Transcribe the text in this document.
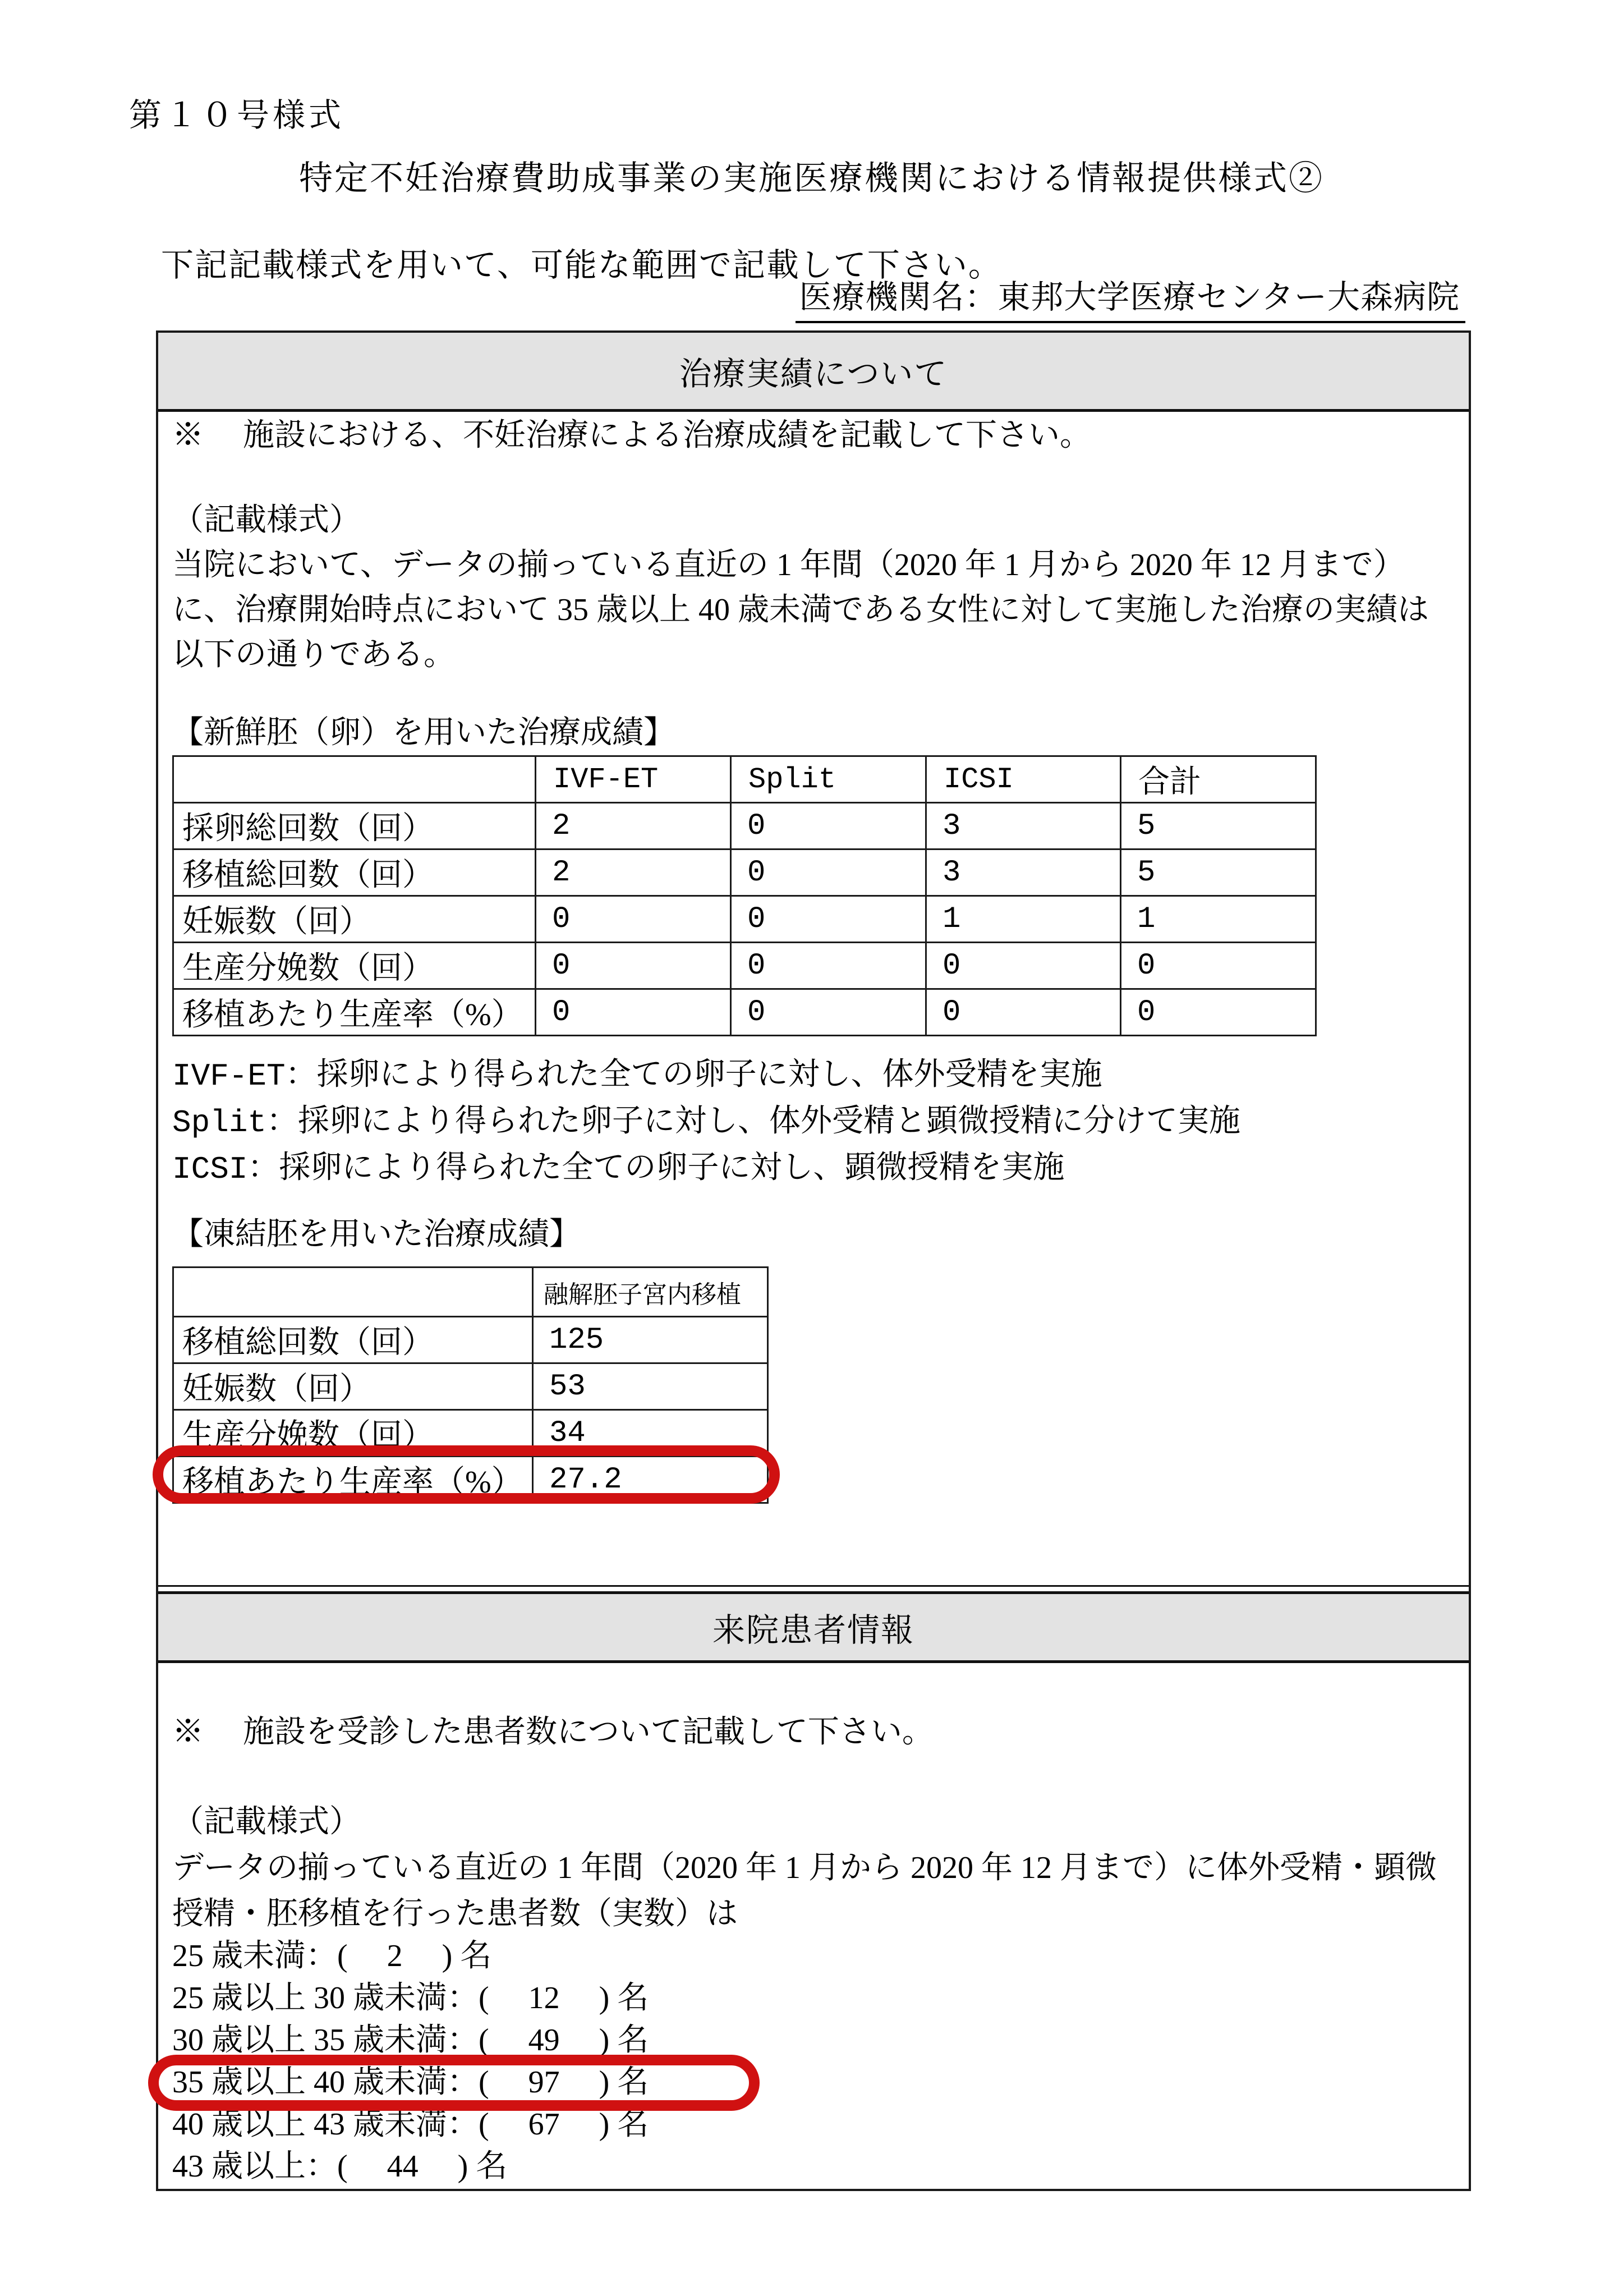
第１０号様式
特定不妊治療費助成事業の実施医療機関における情報提供様式②
下記記載様式を用いて、可能な範囲で記載して下さい。
医療機関名：東邦大学医療センター大森病院
治療実績について
※　 施設における、不妊治療による治療成績を記載して下さい。
（記載様式）
当院において、データの揃っている直近の 1 年間（2020 年 1 月から 2020 年 12 月まで）に、治療開始時点において 35 歳以上 40 歳未満である女性に対して実施した治療の実績は以下の通りである。
【新鮮胚（卵）を用いた治療成績】
	IVF-ET	Split	ICSI	合計
採卵総回数（回）	2	0	3	5
移植総回数（回）	2	0	3	5
妊娠数（回）	0	0	1	1
生産分娩数（回）	0	0	0	0
移植あたり生産率（%）	0	0	0	0
IVF-ET：採卵により得られた全ての卵子に対し、体外受精を実施
Split：採卵により得られた卵子に対し、体外受精と顕微授精に分けて実施
ICSI：採卵により得られた全ての卵子に対し、顕微授精を実施
【凍結胚を用いた治療成績】
	融解胚子宮内移植
移植総回数（回）	125
妊娠数（回）	53
生産分娩数（回）	34
移植あたり生産率（%）	27.2
来院患者情報
※　 施設を受診した患者数について記載して下さい。
（記載様式）
データの揃っている直近の 1 年間（2020 年 1 月から 2020 年 12 月まで）に体外受精・顕微授精・胚移植を行った患者数（実数）は
25 歳未満：(　 2 　) 名
25 歳以上 30 歳未満：(　 12 　) 名
30 歳以上 35 歳未満：(　 49 　) 名
35 歳以上 40 歳未満：(　 97 　) 名
40 歳以上 43 歳未満：(　 67 　) 名
43 歳以上：(　 44 　) 名
